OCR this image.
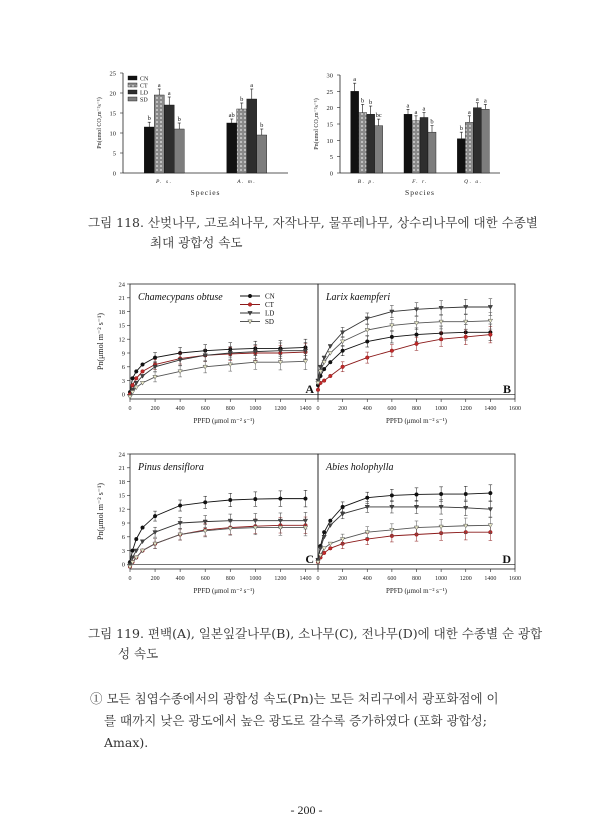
0
5
10
15
20
25
Pn(umol CO₂m⁻²s⁻¹)	b
a
a
b
P. s.
ab
b
a
b
A. m.
Species
CN
CT
LD
SD
0
5
10
15
20
25
30
Pn(umol CO₂m⁻²s⁻¹)
a
b b
bc
B. p.
a
a a
b
F. r.
b
a
a a
Q. a.
Species
그림 118. 산벚나무, 고로쇠나무, 자작나무, 물푸레나무, 상수리나무에 대한 수종별
최대 광합성 속도
0	200	400	600	800 1000 1200 1400
0
3
6
9
12
15
18
21
24
Chamecypans obtuse
A
PPFD (μmol m⁻² s⁻¹)
CN
CT
LD
SD
0	200	400	600	800 1000 1200 1400 1600
Larix kaempferi
B
PPFD (μmol m⁻² s⁻¹)
Pn(μmol m⁻² s⁻¹)
0	200	400	600	800 1000 1200 1400
0
3
6
9
12
15
18
21
24
Pinus densiflora
C
PPFD (μmol m⁻² s⁻¹)
0	200	400	600	800 1000 1200 1400 1600
Abies holophylla
D
PPFD (μmol m⁻² s⁻¹)
Pn(μmol m⁻² s⁻¹)
그림 119. 편백(A), 일본잎갈나무(B), 소나무(C), 전나무(D)에 대한 수종별 순 광합
성 속도
① 모든 침엽수종에서의 광합성 속도(Pn)는 모든 처리구에서 광포화점에 이
를 때까지 낮은 광도에서 높은 광도로 갈수록 증가하였다 (포화 광합성;
Amax).
- 200 -
